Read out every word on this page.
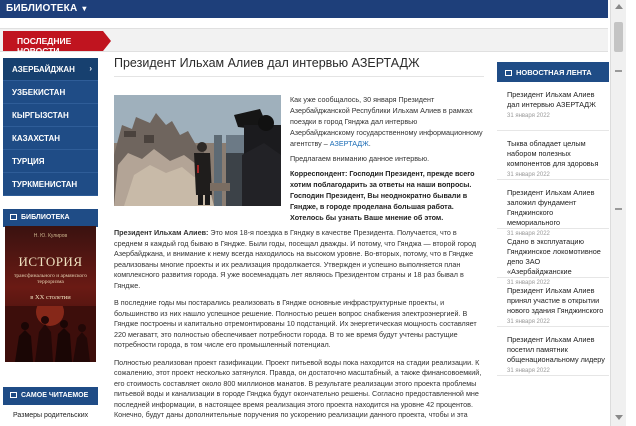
БИБЛИОТЕКА ▾
ПОСЛЕДНИЕ НОВОСТИ
АЗЕРБАЙДЖАН ›
УЗБЕКИСТАН
КЫРГЫЗСТАН
КАЗАХСТАН
ТУРЦИЯ
ТУРКМЕНИСТАН
БИБЛИОТЕКА
Н. Ю. Кулиров
ИСТОРИЯ
трансфинального и армянского терроризма
в ХХ столетии
САМОЕ ЧИТАЕМОЕ
Размеры родительских
Президент Ильхам Алиев дал интервью АЗЕРТАДЖ

Как уже сообщалось, 30 января Президент Азербайджанской Республики Ильхам Алиев в рамках поездки в город Гянджа дал интервью Азербайджанскому государственному информационному агентству – АЗЕРТАДЖ.

Предлагаем вниманию данное интервью.

Корреспондент: Господин Президент, прежде всего хотим поблагодарить за ответы на наши вопросы. Господин Президент, Вы неоднократно бывали в Гяндже, в городе проделана большая работа. Хотелось бы узнать Ваше мнение об этом.

Президент Ильхам Алиев: Это моя 18-я поездка в Гянджу в качестве Президента. Получается, что в среднем я каждый год бываю в Гяндже. Были годы, посещал дважды. И потому, что Гянджа — второй город Азербайджана, и внимание к нему всегда находилось на высоком уровне. Во-вторых, потому, что в Гяндже реализованы многие проекты и их реализация продолжается. Утвержден и успешно выполняется план комплексного развития города. Я уже восемнадцать лет являюсь Президентом страны и 18 раз бывал в Гяндже.

В последние годы мы постарались реализовать в Гяндже основные инфраструктурные проекты, и большинство из них нашло успешное решение. Полностью решен вопрос снабжения электроэнергией. В Гяндже построены и капитально отремонтированы 10 подстанций. Их энергетическая мощность составляет 220 мегаватт, это полностью обеспечивает потребности города. В то же время будут учтены растущие потребности города, в том числе его промышленный потенциал.

Полностью реализован проект газификации. Проект питьевой воды пока находится на стадии реализации. К сожалению, этот проект несколько затянулся. Правда, он достаточно масштабный, а также финансовоемкий, его стоимость составляет около 800 миллионов манатов. В результате реализации этого проекта проблемы питьевой воды и канализации в городе Гянджа будут окончательно решены. Согласно предоставленной мне последней информации, в настоящее время реализация этого проекта находится на уровне 42 процентов. Конечно, будут даны дополнительные поручения по ускорению реализации данного проекта, чтобы и эта

НОВОСТНАЯ ЛЕНТА
Президент Ильхам Алиев дал интервью АЗЕРТАДЖ
31 января 2022
Тыква обладает целым набором полезных компонентов для здоровья
31 января 2022
Президент Ильхам Алиев заложил фундамент Гянджинского мемориального
31 января 2022
Сдано в эксплуатацию Гянджинское локомотивное депо ЗАО «Азербайджанские
31 января 2022
Президент Ильхам Алиев принял участие в открытии нового здания Гянджинского
31 января 2022
Президент Ильхам Алиев посетил памятник общенациональному лидеру
31 января 2022
